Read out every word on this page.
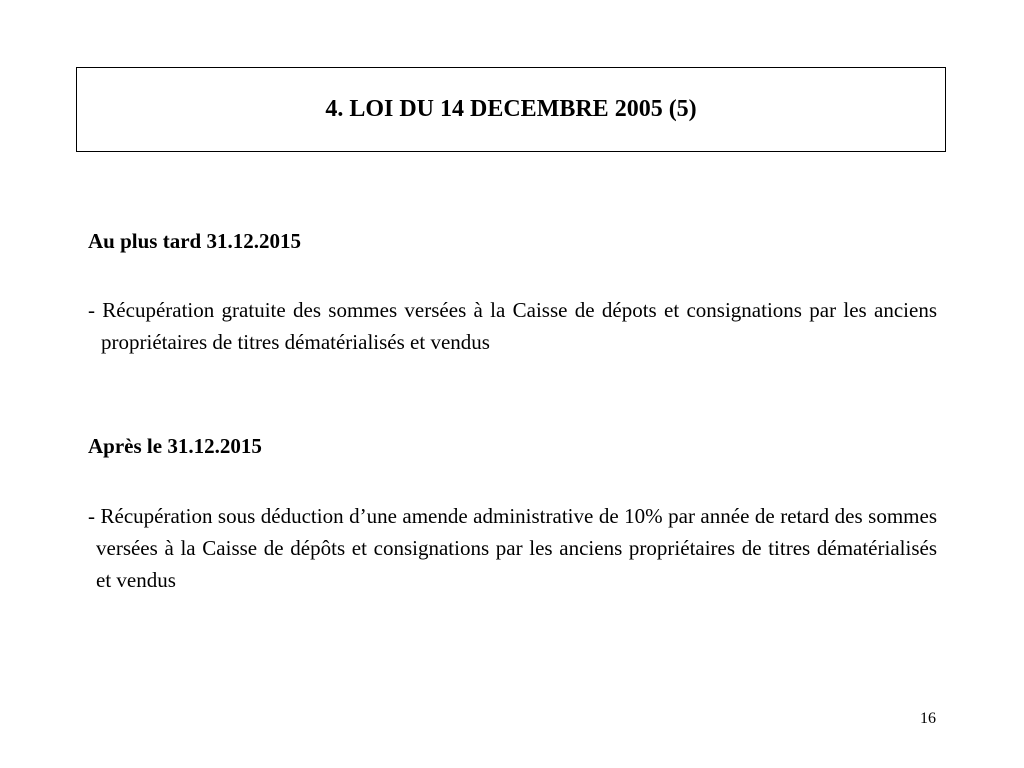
4. LOI DU 14 DECEMBRE 2005 (5)
Au plus tard 31.12.2015

- Récupération gratuite des sommes versées à la Caisse de dépots et consignations par les anciens propriétaires de titres dématérialisés et vendus

Après le 31.12.2015

- Récupération sous déduction d’une amende administrative de 10% par année de retard des sommes versées à la Caisse de dépôts et consignations par les anciens propriétaires de titres dématérialisés et vendus

16
